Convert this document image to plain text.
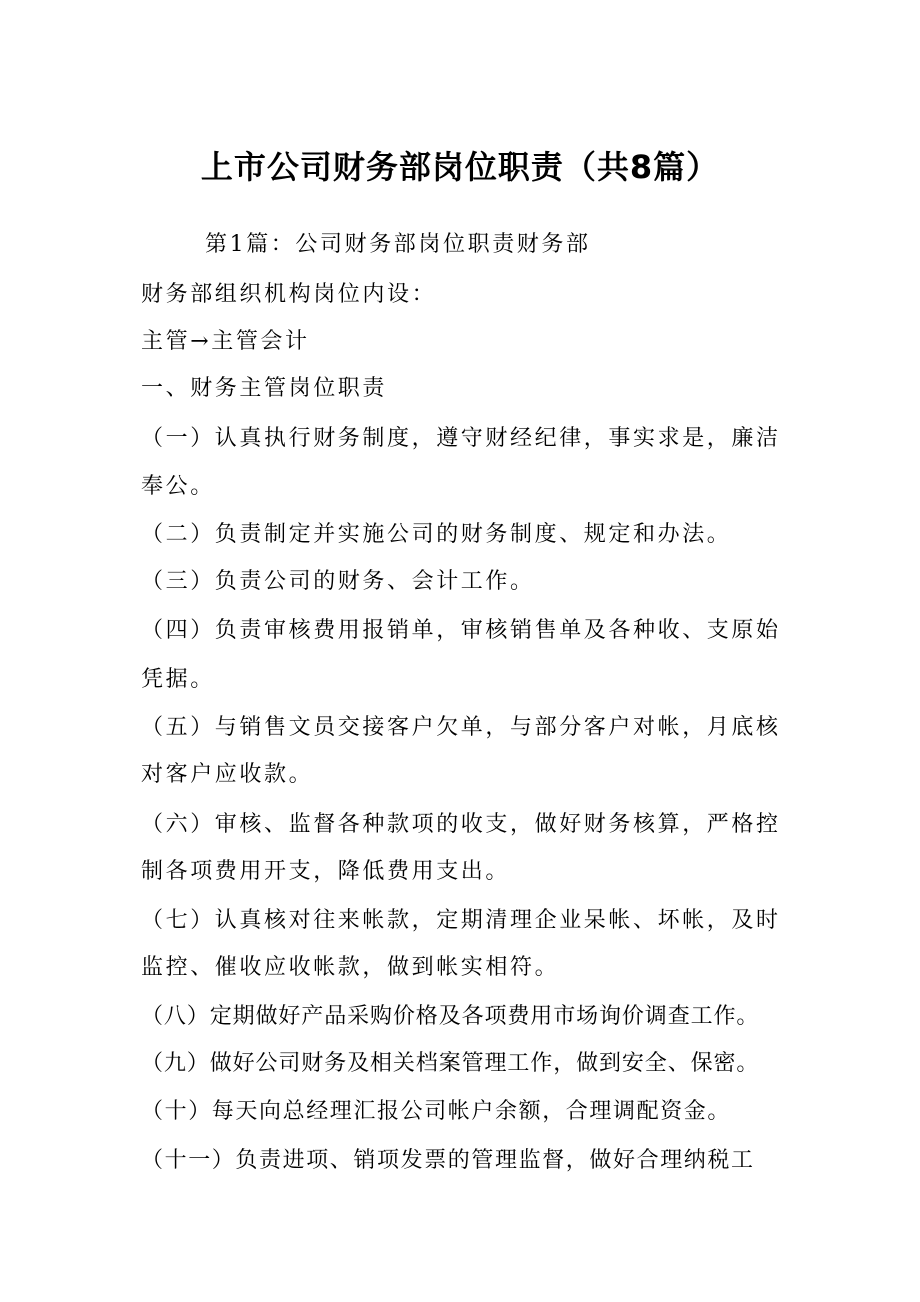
上市公司财务部岗位职责（共8篇）
第1篇：公司财务部岗位职责财务部
财务部组织机构岗位内设：
主管→主管会计
一、财务主管岗位职责
（一）认真执行财务制度，遵守财经纪律，事实求是，廉洁
奉公。
（二）负责制定并实施公司的财务制度、规定和办法。
（三）负责公司的财务、会计工作。
（四）负责审核费用报销单，审核销售单及各种收、支原始
凭据。
（五）与销售文员交接客户欠单，与部分客户对帐，月底核
对客户应收款。
（六）审核、监督各种款项的收支，做好财务核算，严格控
制各项费用开支，降低费用支出。
（七）认真核对往来帐款，定期清理企业呆帐、坏帐，及时
监控、催收应收帐款，做到帐实相符。
（八）定期做好产品采购价格及各项费用市场询价调查工作。
（九）做好公司财务及相关档案管理工作，做到安全、保密。
（十）每天向总经理汇报公司帐户余额，合理调配资金。
（十一）负责进项、销项发票的管理监督，做好合理纳税工
